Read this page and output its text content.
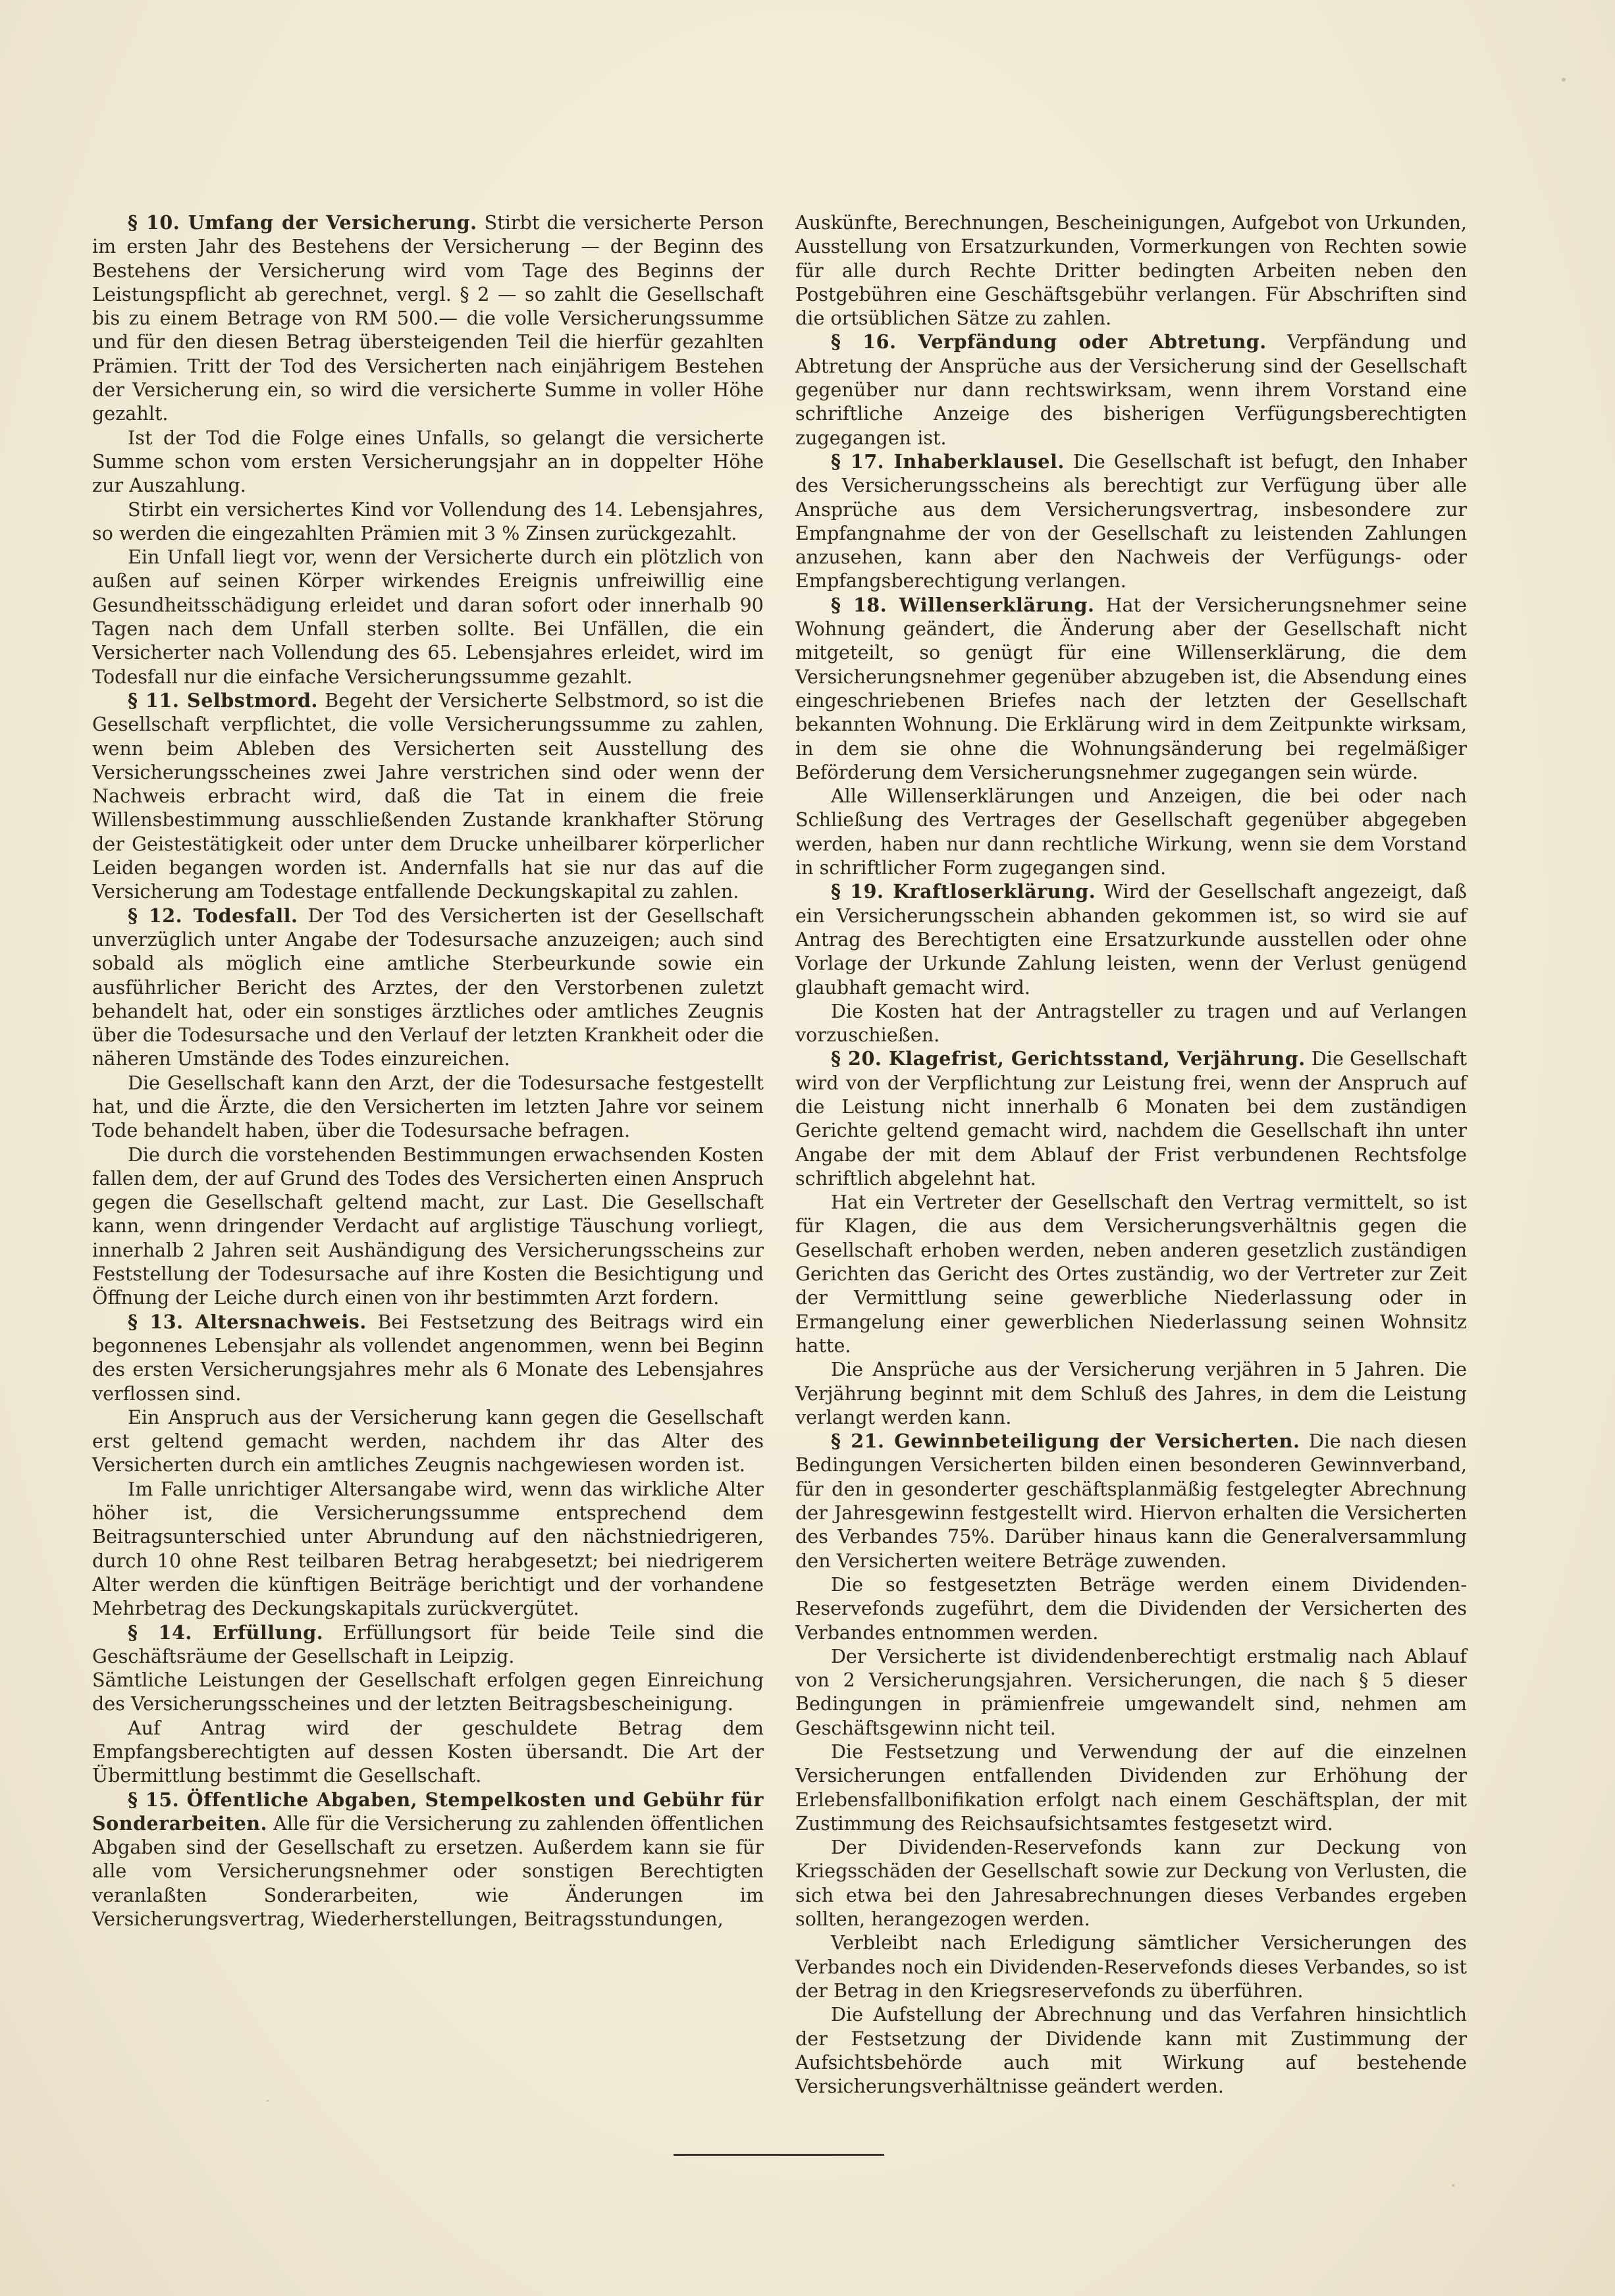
§ 10. Umfang der Versicherung. Stirbt die versicherte Person im ersten Jahr des Bestehens der Versicherung — der Beginn des Bestehens der Versicherung wird vom Tage des Beginns der Leistungspflicht ab gerechnet, vergl. § 2 — so zahlt die Gesellschaft bis zu einem Betrage von RM 500.— die volle Versicherungssumme und für den diesen Betrag übersteigenden Teil die hierfür gezahlten Prämien. Tritt der Tod des Versicherten nach einjährigem Bestehen der Versicherung ein, so wird die versicherte Summe in voller Höhe gezahlt.

Ist der Tod die Folge eines Unfalls, so gelangt die versicherte Summe schon vom ersten Versicherungsjahr an in doppelter Höhe zur Auszahlung.

Stirbt ein versichertes Kind vor Vollendung des 14. Lebensjahres, so werden die eingezahlten Prämien mit 3 % Zinsen zurückgezahlt.

Ein Unfall liegt vor, wenn der Versicherte durch ein plötzlich von außen auf seinen Körper wirkendes Ereignis unfreiwillig eine Gesundheitsschädigung erleidet und daran sofort oder innerhalb 90 Tagen nach dem Unfall sterben sollte. Bei Unfällen, die ein Versicherter nach Vollendung des 65. Lebensjahres erleidet, wird im Todesfall nur die einfache Versicherungssumme gezahlt.

§ 11. Selbstmord. Begeht der Versicherte Selbstmord, so ist die Gesellschaft verpflichtet, die volle Versicherungssumme zu zahlen, wenn beim Ableben des Versicherten seit Ausstellung des Versicherungsscheines zwei Jahre verstrichen sind oder wenn der Nachweis erbracht wird, daß die Tat in einem die freie Willensbestimmung ausschließenden Zustande krankhafter Störung der Geistestätigkeit oder unter dem Drucke unheilbarer körperlicher Leiden begangen worden ist. Andernfalls hat sie nur das auf die Versicherung am Todestage entfallende Deckungskapital zu zahlen.

§ 12. Todesfall. Der Tod des Versicherten ist der Gesellschaft unverzüglich unter Angabe der Todesursache anzuzeigen; auch sind sobald als möglich eine amtliche Sterbeurkunde sowie ein ausführlicher Bericht des Arztes, der den Verstorbenen zuletzt behandelt hat, oder ein sonstiges ärztliches oder amtliches Zeugnis über die Todesursache und den Verlauf der letzten Krankheit oder die näheren Umstände des Todes einzureichen.

Die Gesellschaft kann den Arzt, der die Todesursache festgestellt hat, und die Ärzte, die den Versicherten im letzten Jahre vor seinem Tode behandelt haben, über die Todesursache befragen.

Die durch die vorstehenden Bestimmungen erwachsenden Kosten fallen dem, der auf Grund des Todes des Versicherten einen Anspruch gegen die Gesellschaft geltend macht, zur Last. Die Gesellschaft kann, wenn dringender Verdacht auf arglistige Täuschung vorliegt, innerhalb 2 Jahren seit Aushändigung des Versicherungsscheins zur Feststellung der Todesursache auf ihre Kosten die Besichtigung und Öffnung der Leiche durch einen von ihr bestimmten Arzt fordern.

§ 13. Altersnachweis. Bei Festsetzung des Beitrags wird ein begonnenes Lebensjahr als vollendet angenommen, wenn bei Beginn des ersten Versicherungsjahres mehr als 6 Monate des Lebensjahres verflossen sind.

Ein Anspruch aus der Versicherung kann gegen die Gesellschaft erst geltend gemacht werden, nachdem ihr das Alter des Versicherten durch ein amtliches Zeugnis nachgewiesen worden ist.

Im Falle unrichtiger Altersangabe wird, wenn das wirkliche Alter höher ist, die Versicherungssumme entsprechend dem Beitragsunterschied unter Abrundung auf den nächstniedrigeren, durch 10 ohne Rest teilbaren Betrag herabgesetzt; bei niedrigerem Alter werden die künftigen Beiträge berichtigt und der vorhandene Mehrbetrag des Deckungskapitals zurückvergütet.

§ 14. Erfüllung. Erfüllungsort für beide Teile sind die Geschäftsräume der Gesellschaft in Leipzig.

Sämtliche Leistungen der Gesellschaft erfolgen gegen Einreichung des Versicherungsscheines und der letzten Beitragsbescheinigung.

Auf Antrag wird der geschuldete Betrag dem Empfangsberechtigten auf dessen Kosten übersandt. Die Art der Übermittlung bestimmt die Gesellschaft.

§ 15. Öffentliche Abgaben, Stempelkosten und Gebühr für Sonderarbeiten. Alle für die Versicherung zu zahlenden öffentlichen Abgaben sind der Gesellschaft zu ersetzen. Außerdem kann sie für alle vom Versicherungsnehmer oder sonstigen Berechtigten veranlaßten Sonderarbeiten, wie Änderungen im Versicherungsvertrag, Wiederherstellungen, Beitragsstundungen,

Auskünfte, Berechnungen, Bescheinigungen, Aufgebot von Urkunden, Ausstellung von Ersatzurkunden, Vormerkungen von Rechten sowie für alle durch Rechte Dritter bedingten Arbeiten neben den Postgebühren eine Geschäftsgebühr verlangen. Für Abschriften sind die ortsüblichen Sätze zu zahlen.

§ 16. Verpfändung oder Abtretung. Verpfändung und Abtretung der Ansprüche aus der Versicherung sind der Gesellschaft gegenüber nur dann rechtswirksam, wenn ihrem Vorstand eine schriftliche Anzeige des bisherigen Verfügungsberechtigten zugegangen ist.

§ 17. Inhaberklausel. Die Gesellschaft ist befugt, den Inhaber des Versicherungsscheins als berechtigt zur Verfügung über alle Ansprüche aus dem Versicherungsvertrag, insbesondere zur Empfangnahme der von der Gesellschaft zu leistenden Zahlungen anzusehen, kann aber den Nachweis der Verfügungs- oder Empfangsberechtigung verlangen.

§ 18. Willenserklärung. Hat der Versicherungsnehmer seine Wohnung geändert, die Änderung aber der Gesellschaft nicht mitgeteilt, so genügt für eine Willenserklärung, die dem Versicherungsnehmer gegenüber abzugeben ist, die Absendung eines eingeschriebenen Briefes nach der letzten der Gesellschaft bekannten Wohnung. Die Erklärung wird in dem Zeitpunkte wirksam, in dem sie ohne die Wohnungsänderung bei regelmäßiger Beförderung dem Versicherungsnehmer zugegangen sein würde.

Alle Willenserklärungen und Anzeigen, die bei oder nach Schließung des Vertrages der Gesellschaft gegenüber abgegeben werden, haben nur dann rechtliche Wirkung, wenn sie dem Vorstand in schriftlicher Form zugegangen sind.

§ 19. Kraftloserklärung. Wird der Gesellschaft angezeigt, daß ein Versicherungsschein abhanden gekommen ist, so wird sie auf Antrag des Berechtigten eine Ersatzurkunde ausstellen oder ohne Vorlage der Urkunde Zahlung leisten, wenn der Verlust genügend glaubhaft gemacht wird.

Die Kosten hat der Antragsteller zu tragen und auf Verlangen vorzuschießen.

§ 20. Klagefrist, Gerichtsstand, Verjährung. Die Gesellschaft wird von der Verpflichtung zur Leistung frei, wenn der Anspruch auf die Leistung nicht innerhalb 6 Monaten bei dem zuständigen Gerichte geltend gemacht wird, nachdem die Gesellschaft ihn unter Angabe der mit dem Ablauf der Frist verbundenen Rechtsfolge schriftlich abgelehnt hat.

Hat ein Vertreter der Gesellschaft den Vertrag vermittelt, so ist für Klagen, die aus dem Versicherungsverhältnis gegen die Gesellschaft erhoben werden, neben anderen gesetzlich zuständigen Gerichten das Gericht des Ortes zuständig, wo der Vertreter zur Zeit der Vermittlung seine gewerbliche Niederlassung oder in Ermangelung einer gewerblichen Niederlassung seinen Wohnsitz hatte.

Die Ansprüche aus der Versicherung verjähren in 5 Jahren. Die Verjährung beginnt mit dem Schluß des Jahres, in dem die Leistung verlangt werden kann.

§ 21. Gewinnbeteiligung der Versicherten. Die nach diesen Bedingungen Versicherten bilden einen besonderen Gewinnverband, für den in gesonderter geschäftsplanmäßig festgelegter Abrechnung der Jahresgewinn festgestellt wird. Hiervon erhalten die Versicherten des Verbandes 75%. Darüber hinaus kann die Generalversammlung den Versicherten weitere Beträge zuwenden.

Die so festgesetzten Beträge werden einem Dividenden-Reservefonds zugeführt, dem die Dividenden der Versicherten des Verbandes entnommen werden.

Der Versicherte ist dividendenberechtigt erstmalig nach Ablauf von 2 Versicherungsjahren. Versicherungen, die nach § 5 dieser Bedingungen in prämienfreie umgewandelt sind, nehmen am Geschäftsgewinn nicht teil.

Die Festsetzung und Verwendung der auf die einzelnen Versicherungen entfallenden Dividenden zur Erhöhung der Erlebensfallbonifikation erfolgt nach einem Geschäftsplan, der mit Zustimmung des Reichsaufsichtsamtes festgesetzt wird.

Der Dividenden-Reservefonds kann zur Deckung von Kriegsschäden der Gesellschaft sowie zur Deckung von Verlusten, die sich etwa bei den Jahresabrechnungen dieses Verbandes ergeben sollten, herangezogen werden.

Verbleibt nach Erledigung sämtlicher Versicherungen des Verbandes noch ein Dividenden-Reservefonds dieses Verbandes, so ist der Betrag in den Kriegsreservefonds zu überführen.

Die Aufstellung der Abrechnung und das Verfahren hinsichtlich der Festsetzung der Dividende kann mit Zustimmung der Aufsichtsbehörde auch mit Wirkung auf bestehende Versicherungsverhältnisse geändert werden.
